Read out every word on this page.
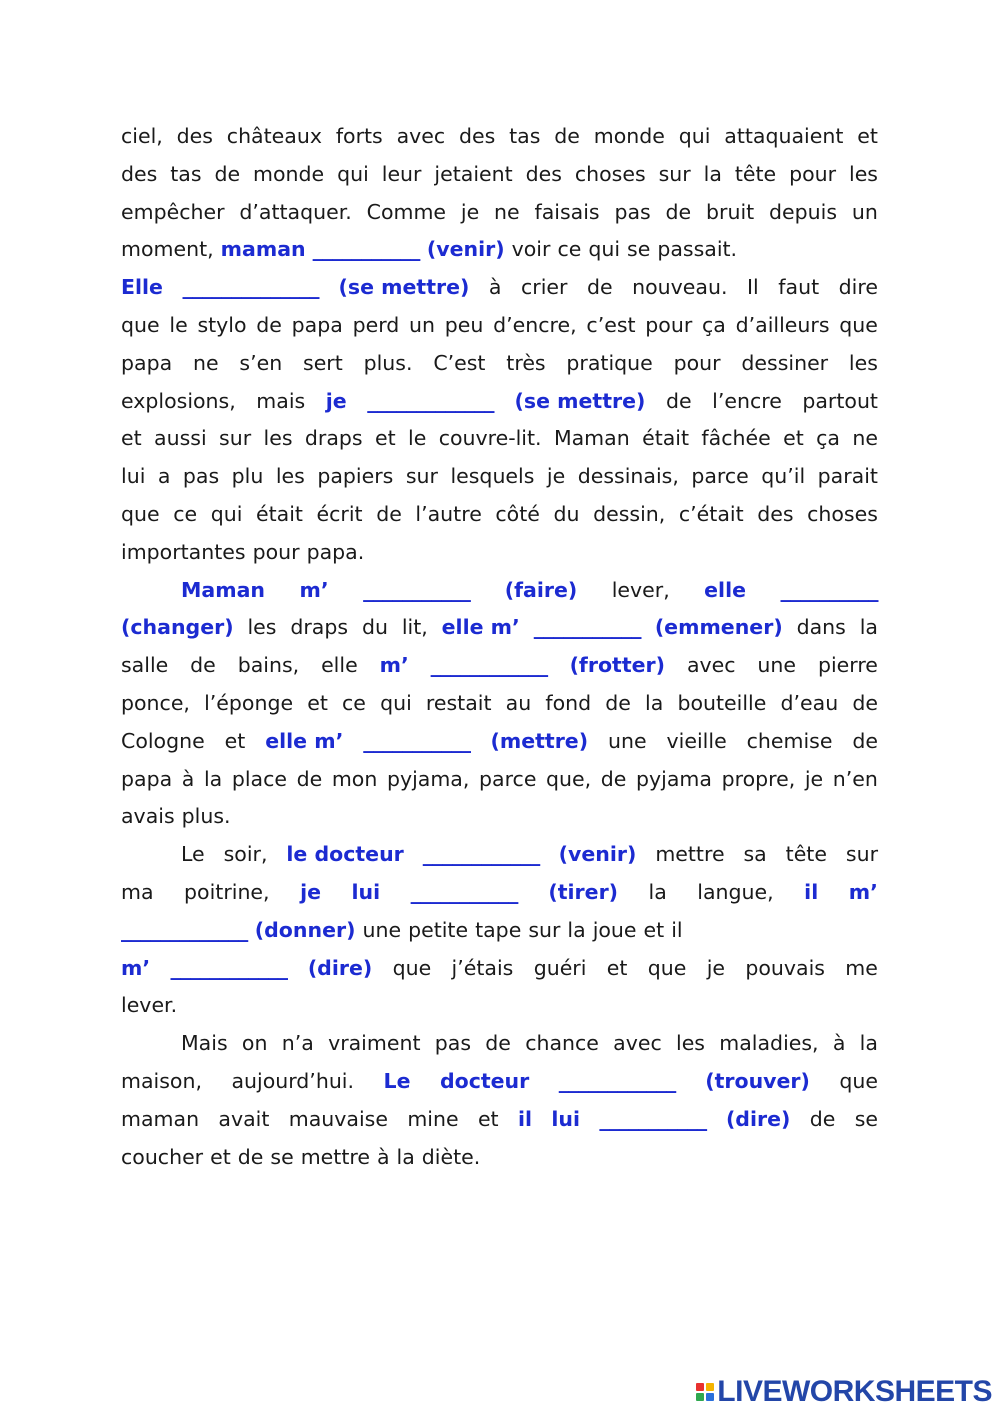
ciel, des châteaux forts avec des tas de monde qui attaquaient et
des tas de monde qui leur jetaient des choses sur la tête pour les
empêcher d’attaquer. Comme je ne faisais pas de bruit depuis un
moment, maman ___________ (venir) voir ce qui se passait.
Elle ______________ (se mettre) à crier de nouveau. Il faut dire
que le stylo de papa perd un peu d’encre, c’est pour ça d’ailleurs que
papa ne s’en sert plus. C’est très pratique pour dessiner les
explosions, mais je _____________ (se mettre) de l’encre partout
et aussi sur les draps et le couvre-lit. Maman était fâchée et ça ne
lui a pas plu les papiers sur lesquels je dessinais, parce qu’il parait
que ce qui était écrit de l’autre côté du dessin, c’était des choses
importantes pour papa.
Maman m’ ___________ (faire) lever, elle __________
(changer) les draps du lit, elle m’ ___________ (emmener) dans la
salle de bains, elle m’ ____________ (frotter) avec une pierre
ponce, l’éponge et ce qui restait au fond de la bouteille d’eau de
Cologne et elle m’ ___________ (mettre) une vieille chemise de
papa à la place de mon pyjama, parce que, de pyjama propre, je n’en
avais plus.
Le soir, le docteur ____________ (venir) mettre sa tête sur
ma poitrine, je lui ___________ (tirer) la langue, il m’
_____________ (donner) une petite tape sur la joue et il
m’ ____________ (dire) que j’étais guéri et que je pouvais me
lever.
Mais on n’a vraiment pas de chance avec les maladies, à la
maison, aujourd’hui. Le docteur ____________ (trouver) que
maman avait mauvaise mine et il lui ___________ (dire) de se
coucher et de se mettre à la diète.
LIVEWORKSHEETS
